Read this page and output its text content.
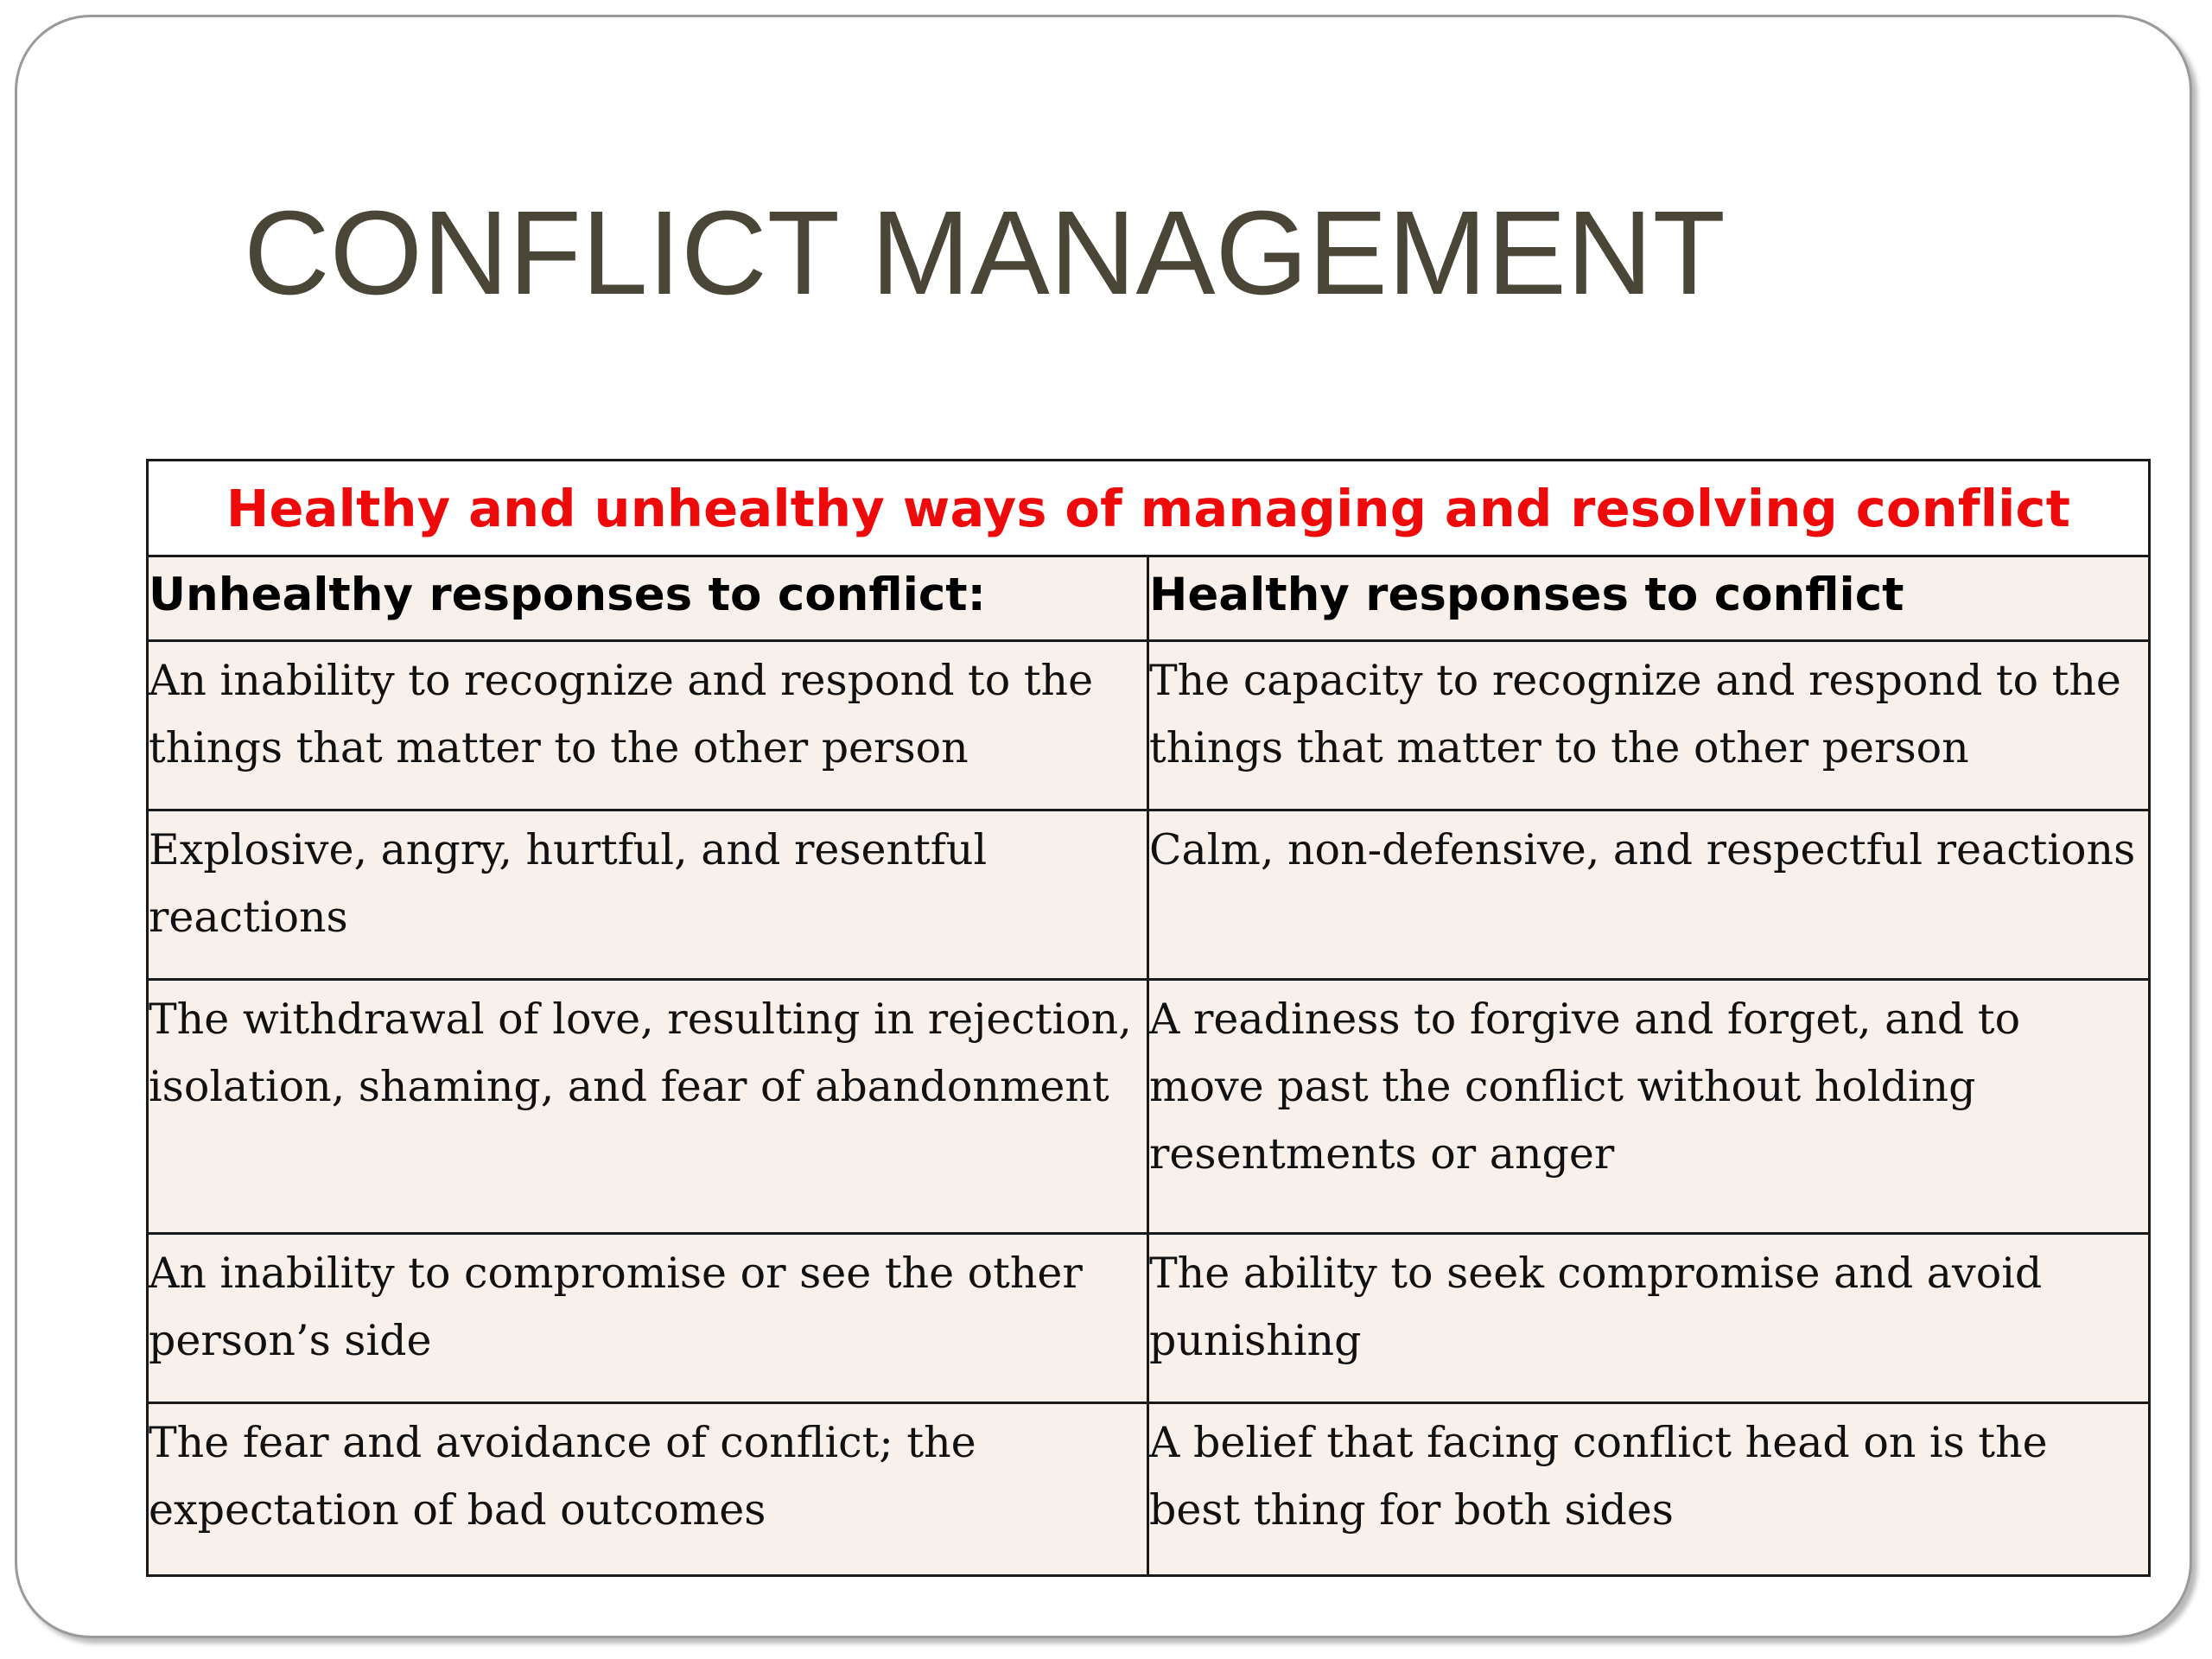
CONFLICT MANAGEMENT
Healthy and unhealthy ways of managing and resolving conflict	

Unhealthy responses to conflict:	Healthy responses to conflict

An inability to recognize and respond to the things that matter to the other person	The capacity to recognize and respond to the things that matter to the other person

Explosive, angry, hurtful, and resentful reactions	Calm, non-defensive, and respectful reactions

The withdrawal of love, resulting in rejection, isolation, shaming, and fear of abandonment	A readiness to forgive and forget, and to move past the conflict without holding resentments or anger

An inability to compromise or see the other person’s side	The ability to seek compromise and avoid punishing

The fear and avoidance of conflict; the expectation of bad outcomes	A belief that facing conflict head on is the best thing for both sides
